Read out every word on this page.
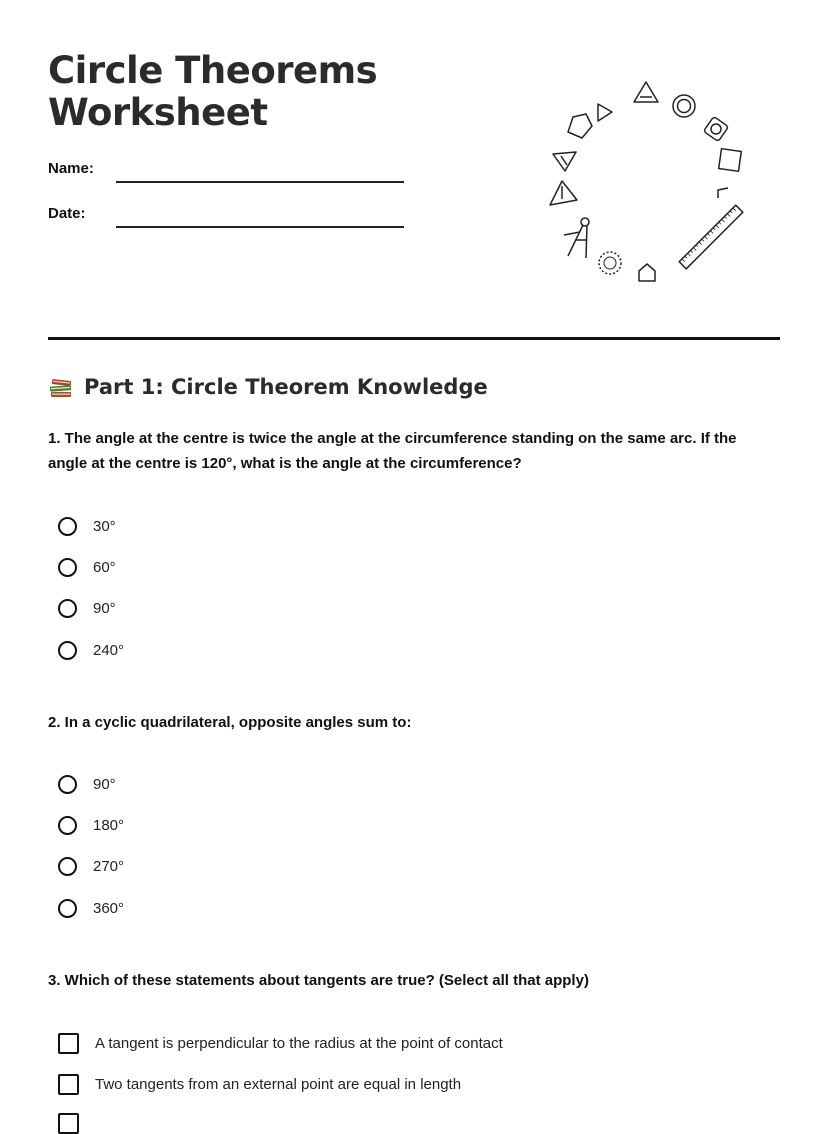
Circle Theorems
Worksheet
Name:
Date:
Part 1: Circle Theorem Knowledge
1. The angle at the centre is twice the angle at the circumference standing on the same arc. If the angle at the centre is 120°, what is the angle at the circumference?
30°
60°
90°
240°
2. In a cyclic quadrilateral, opposite angles sum to:
90°
180°
270°
360°
3. Which of these statements about tangents are true? (Select all that apply)
A tangent is perpendicular to the radius at the point of contact
Two tangents from an external point are equal in length
